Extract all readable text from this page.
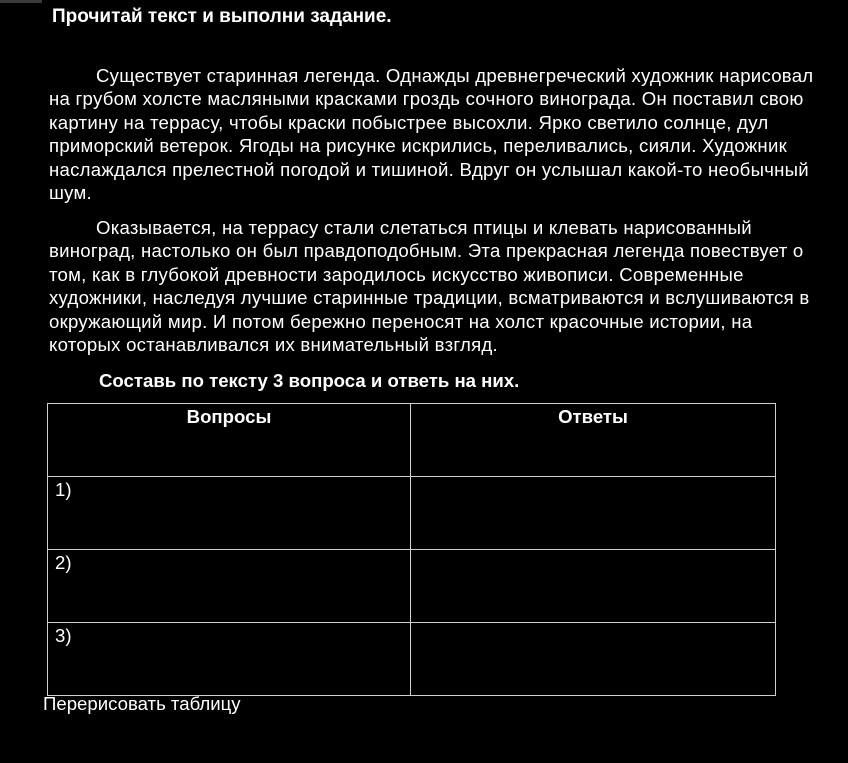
Прочитай текст и выполни задание.
Существует старинная легенда. Однажды древнегреческий художник нарисовал
на грубом холсте масляными красками гроздь сочного винограда. Он поставил свою
картину на террасу, чтобы краски побыстрее высохли. Ярко светило солнце, дул
приморский ветерок. Ягоды на рисунке искрились, переливались, сияли. Художник
наслаждался прелестной погодой и тишиной. Вдруг он услышал какой-то необычный
шум.
Оказывается, на террасу стали слетаться птицы и клевать нарисованный
виноград, настолько он был правдоподобным. Эта прекрасная легенда повествует о
том, как в глубокой древности зародилось искусство живописи. Современные
художники, наследуя лучшие старинные традиции, всматриваются и вслушиваются в
окружающий мир. И потом бережно переносят на холст красочные истории, на
которых останавливался их внимательный взгляд.
Составь по тексту 3 вопроса и ответь на них.
Вопросы	Ответы
1)	
2)	
3)	
Перерисовать таблицу
